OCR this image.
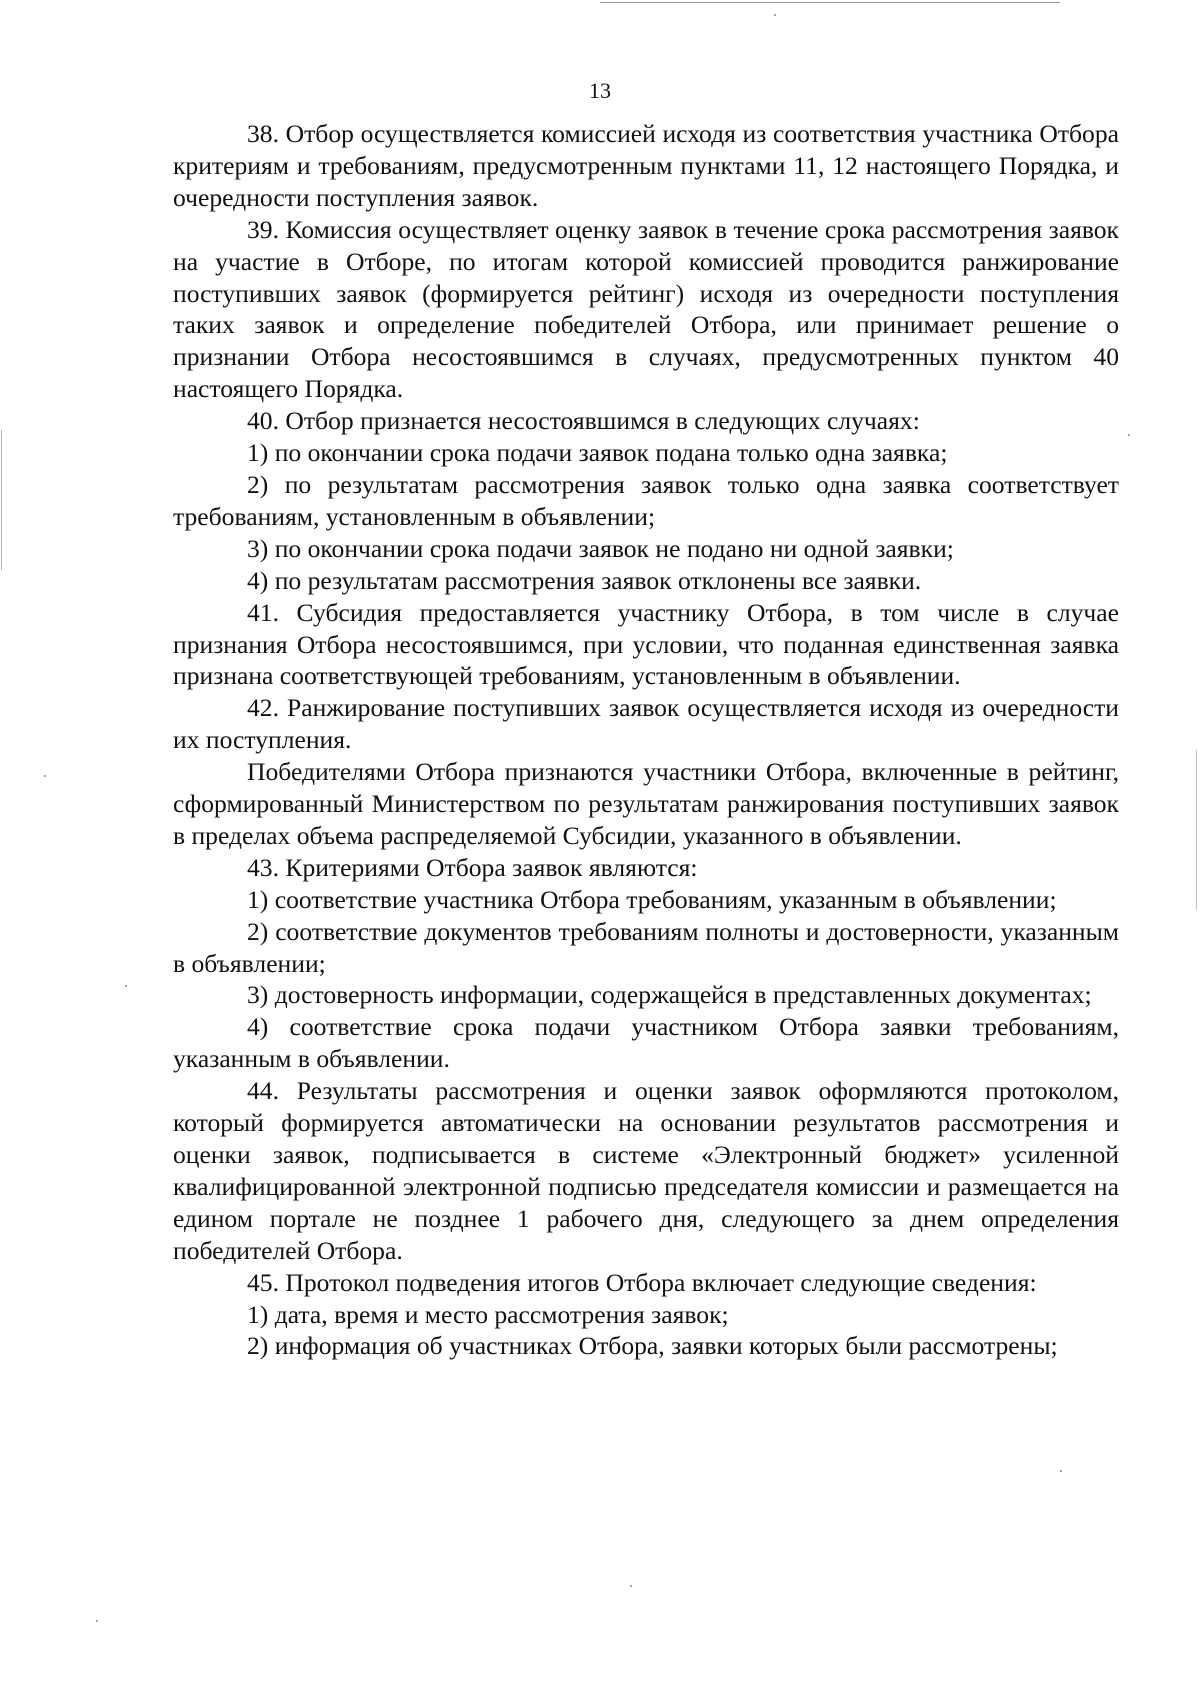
13

38. Отбор осуществляется комиссией исходя из соответствия участника Отбора критериям и требованиям, предусмотренным пунктами 11, 12 настоящего Порядка, и очередности поступления заявок.

39. Комиссия осуществляет оценку заявок в течение срока рассмотрения заявок на участие в Отборе, по итогам которой комиссией проводится ранжирование поступивших заявок (формируется рейтинг) исходя из очередности поступления таких заявок и определение победителей Отбора, или принимает решение о признании Отбора несостоявшимся в случаях, предусмотренных пунктом 40 настоящего Порядка.

40. Отбор признается несостоявшимся в следующих случаях:

1) по окончании срока подачи заявок подана только одна заявка;

2) по результатам рассмотрения заявок только одна заявка соответствует требованиям, установленным в объявлении;

3) по окончании срока подачи заявок не подано ни одной заявки;

4) по результатам рассмотрения заявок отклонены все заявки.

41. Субсидия предоставляется участнику Отбора, в том числе в случае признания Отбора несостоявшимся, при условии, что поданная единственная заявка признана соответствующей требованиям, установленным в объявлении.

42. Ранжирование поступивших заявок осуществляется исходя из очередности их поступления.

Победителями Отбора признаются участники Отбора, включенные в рейтинг, сформированный Министерством по результатам ранжирования поступивших заявок в пределах объема распределяемой Субсидии, указанного в объявлении.

43. Критериями Отбора заявок являются:

1) соответствие участника Отбора требованиям, указанным в объявлении;

2) соответствие документов требованиям полноты и достоверности, указанным в объявлении;

3) достоверность информации, содержащейся в представленных документах;

4) соответствие срока подачи участником Отбора заявки требованиям, указанным в объявлении.

44. Результаты рассмотрения и оценки заявок оформляются протоколом, который формируется автоматически на основании результатов рассмотрения и оценки заявок, подписывается в системе «Электронный бюджет» усиленной квалифицированной электронной подписью председателя комиссии и размещается на едином портале не позднее 1 рабочего дня, следующего за днем определения победителей Отбора.

45. Протокол подведения итогов Отбора включает следующие сведения:

1) дата, время и место рассмотрения заявок;

2) информация об участниках Отбора, заявки которых были рассмотрены;
